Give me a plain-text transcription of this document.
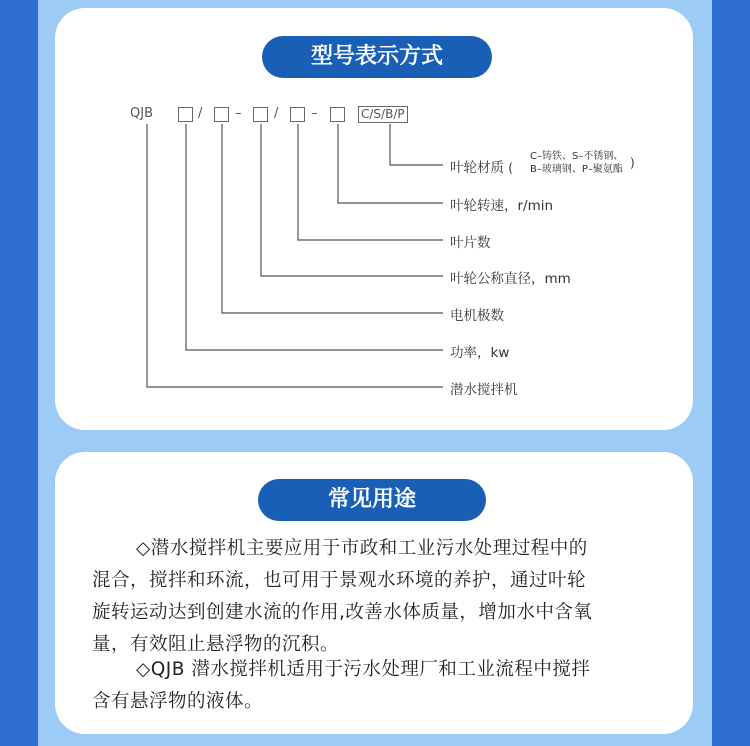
型号表示方式
QJB	/	–	/	–	C/S/B/P
叶轮材质 (
C–铸铁、S–不锈钢、
B–玻璃钢、P–聚氨酯 )
叶轮转速，r/min
叶片数
叶轮公称直径，mm
电机极数
功率，kw
潜水搅拌机
常见用途
◇潜水搅拌机主要应用于市政和工业污水处理过程中的
混合，搅拌和环流，也可用于景观水环境的养护，通过叶轮
旋转运动达到创建水流的作用,改善水体质量，增加水中含氧
量，有效阻止悬浮物的沉积。
◇QJB 潜水搅拌机适用于污水处理厂和工业流程中搅拌
含有悬浮物的液体。
